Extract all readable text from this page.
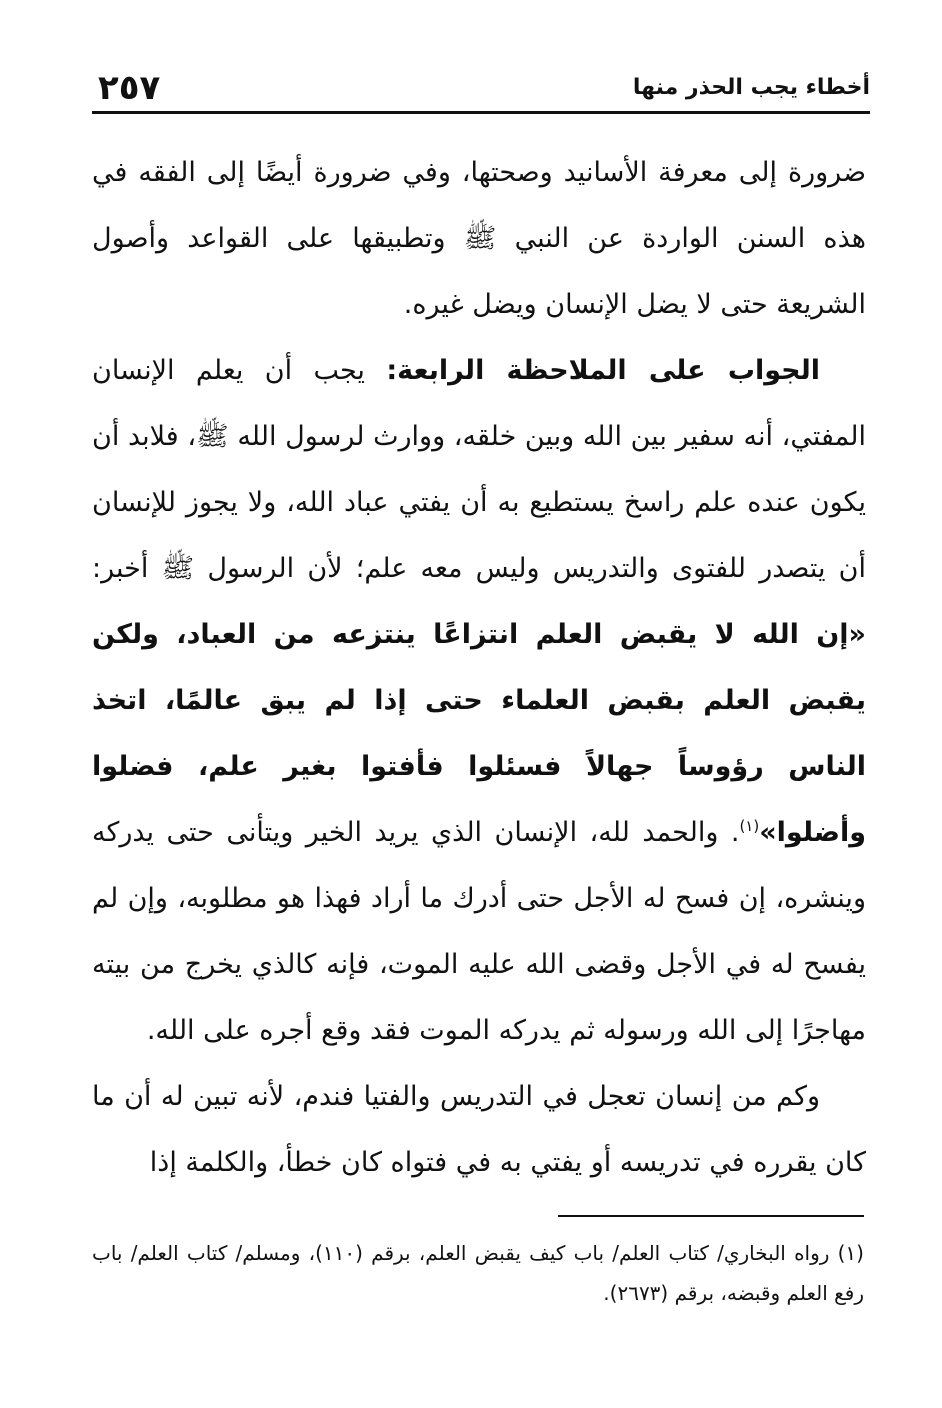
٢٥٧	أخطاء يجب الحذر منها

ضرورة إلى معرفة الأسانيد وصحتها، وفي ضرورة أيضًا إلى الفقه في هذه السنن الواردة عن النبي ﷺ وتطبيقها على القواعد وأصول الشريعة حتى لا يضل الإنسان ويضل غيره.

الجواب على الملاحظة الرابعة: يجب أن يعلم الإنسان المفتي، أنه سفير بين الله وبين خلقه، ووارث لرسول الله ﷺ، فلابد أن يكون عنده علم راسخ يستطيع به أن يفتي عباد الله، ولا يجوز للإنسان أن يتصدر للفتوى والتدريس وليس معه علم؛ لأن الرسول ﷺ أخبر: «إن الله لا يقبض العلم انتزاعًا ينتزعه من العباد، ولكن يقبض العلم بقبض العلماء حتى إذا لم يبق عالمًا، اتخذ الناس رؤوساً جهالاً فسئلوا فأفتوا بغير علم، فضلوا وأضلوا»$^{(١)}$. والحمد لله، الإنسان الذي يريد الخير ويتأنى حتى يدركه وينشره، إن فسح له الأجل حتى أدرك ما أراد فهذا هو مطلوبه، وإن لم يفسح له في الأجل وقضى الله عليه الموت، فإنه كالذي يخرج من بيته مهاجرًا إلى الله ورسوله ثم يدركه الموت فقد وقع أجره على الله.

وكم من إنسان تعجل في التدريس والفتيا فندم، لأنه تبين له أن ما كان يقرره في تدريسه أو يفتي به في فتواه كان خطأ، والكلمة إذا

(١) رواه البخاري/ كتاب العلم/ باب كيف يقبض العلم، برقم (١١٠)، ومسلم/ كتاب العلم/ باب رفع العلم وقبضه، برقم (٢٦٧٣).
